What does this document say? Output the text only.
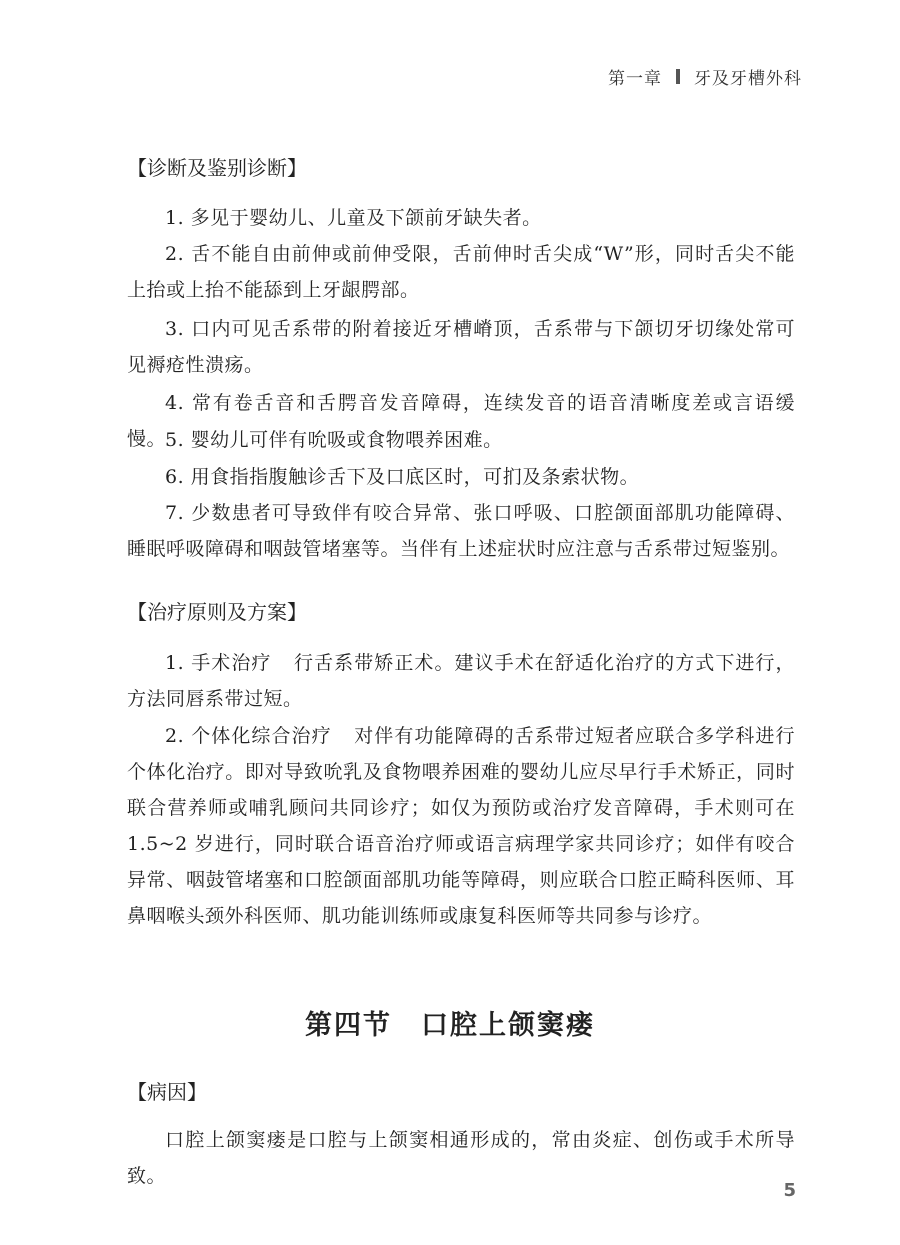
第一章 牙及牙槽外科
【诊断及鉴别诊断】

1. 多见于婴幼儿、儿童及下颌前牙缺失者。

2. 舌不能自由前伸或前伸受限，舌前伸时舌尖成“W”形，同时舌尖不能上抬或上抬不能舔到上牙龈腭部。

3. 口内可见舌系带的附着接近牙槽嵴顶，舌系带与下颌切牙切缘处常可见褥疮性溃疡。

4. 常有卷舌音和舌腭音发音障碍，连续发音的语音清晰度差或言语缓慢。

5. 婴幼儿可伴有吮吸或食物喂养困难。

6. 用食指指腹触诊舌下及口底区时，可扪及条索状物。

7. 少数患者可导致伴有咬合异常、张口呼吸、口腔颌面部肌功能障碍、睡眠呼吸障碍和咽鼓管堵塞等。当伴有上述症状时应注意与舌系带过短鉴别。

【治疗原则及方案】

1. 手术治疗 行舌系带矫正术。建议手术在舒适化治疗的方式下进行，方法同唇系带过短。

2. 个体化综合治疗 对伴有功能障碍的舌系带过短者应联合多学科进行个体化治疗。即对导致吮乳及食物喂养困难的婴幼儿应尽早行手术矫正，同时联合营养师或哺乳顾问共同诊疗；如仅为预防或治疗发音障碍，手术则可在 1.5~2 岁进行，同时联合语音治疗师或语言病理学家共同诊疗；如伴有咬合异常、咽鼓管堵塞和口腔颌面部肌功能等障碍，则应联合口腔正畸科医师、耳鼻咽喉头颈外科医师、肌功能训练师或康复科医师等共同参与诊疗。

第四节　口腔上颌窦瘘
【病因】

口腔上颌窦瘘是口腔与上颌窦相通形成的，常由炎症、创伤或手术所导致。

5
